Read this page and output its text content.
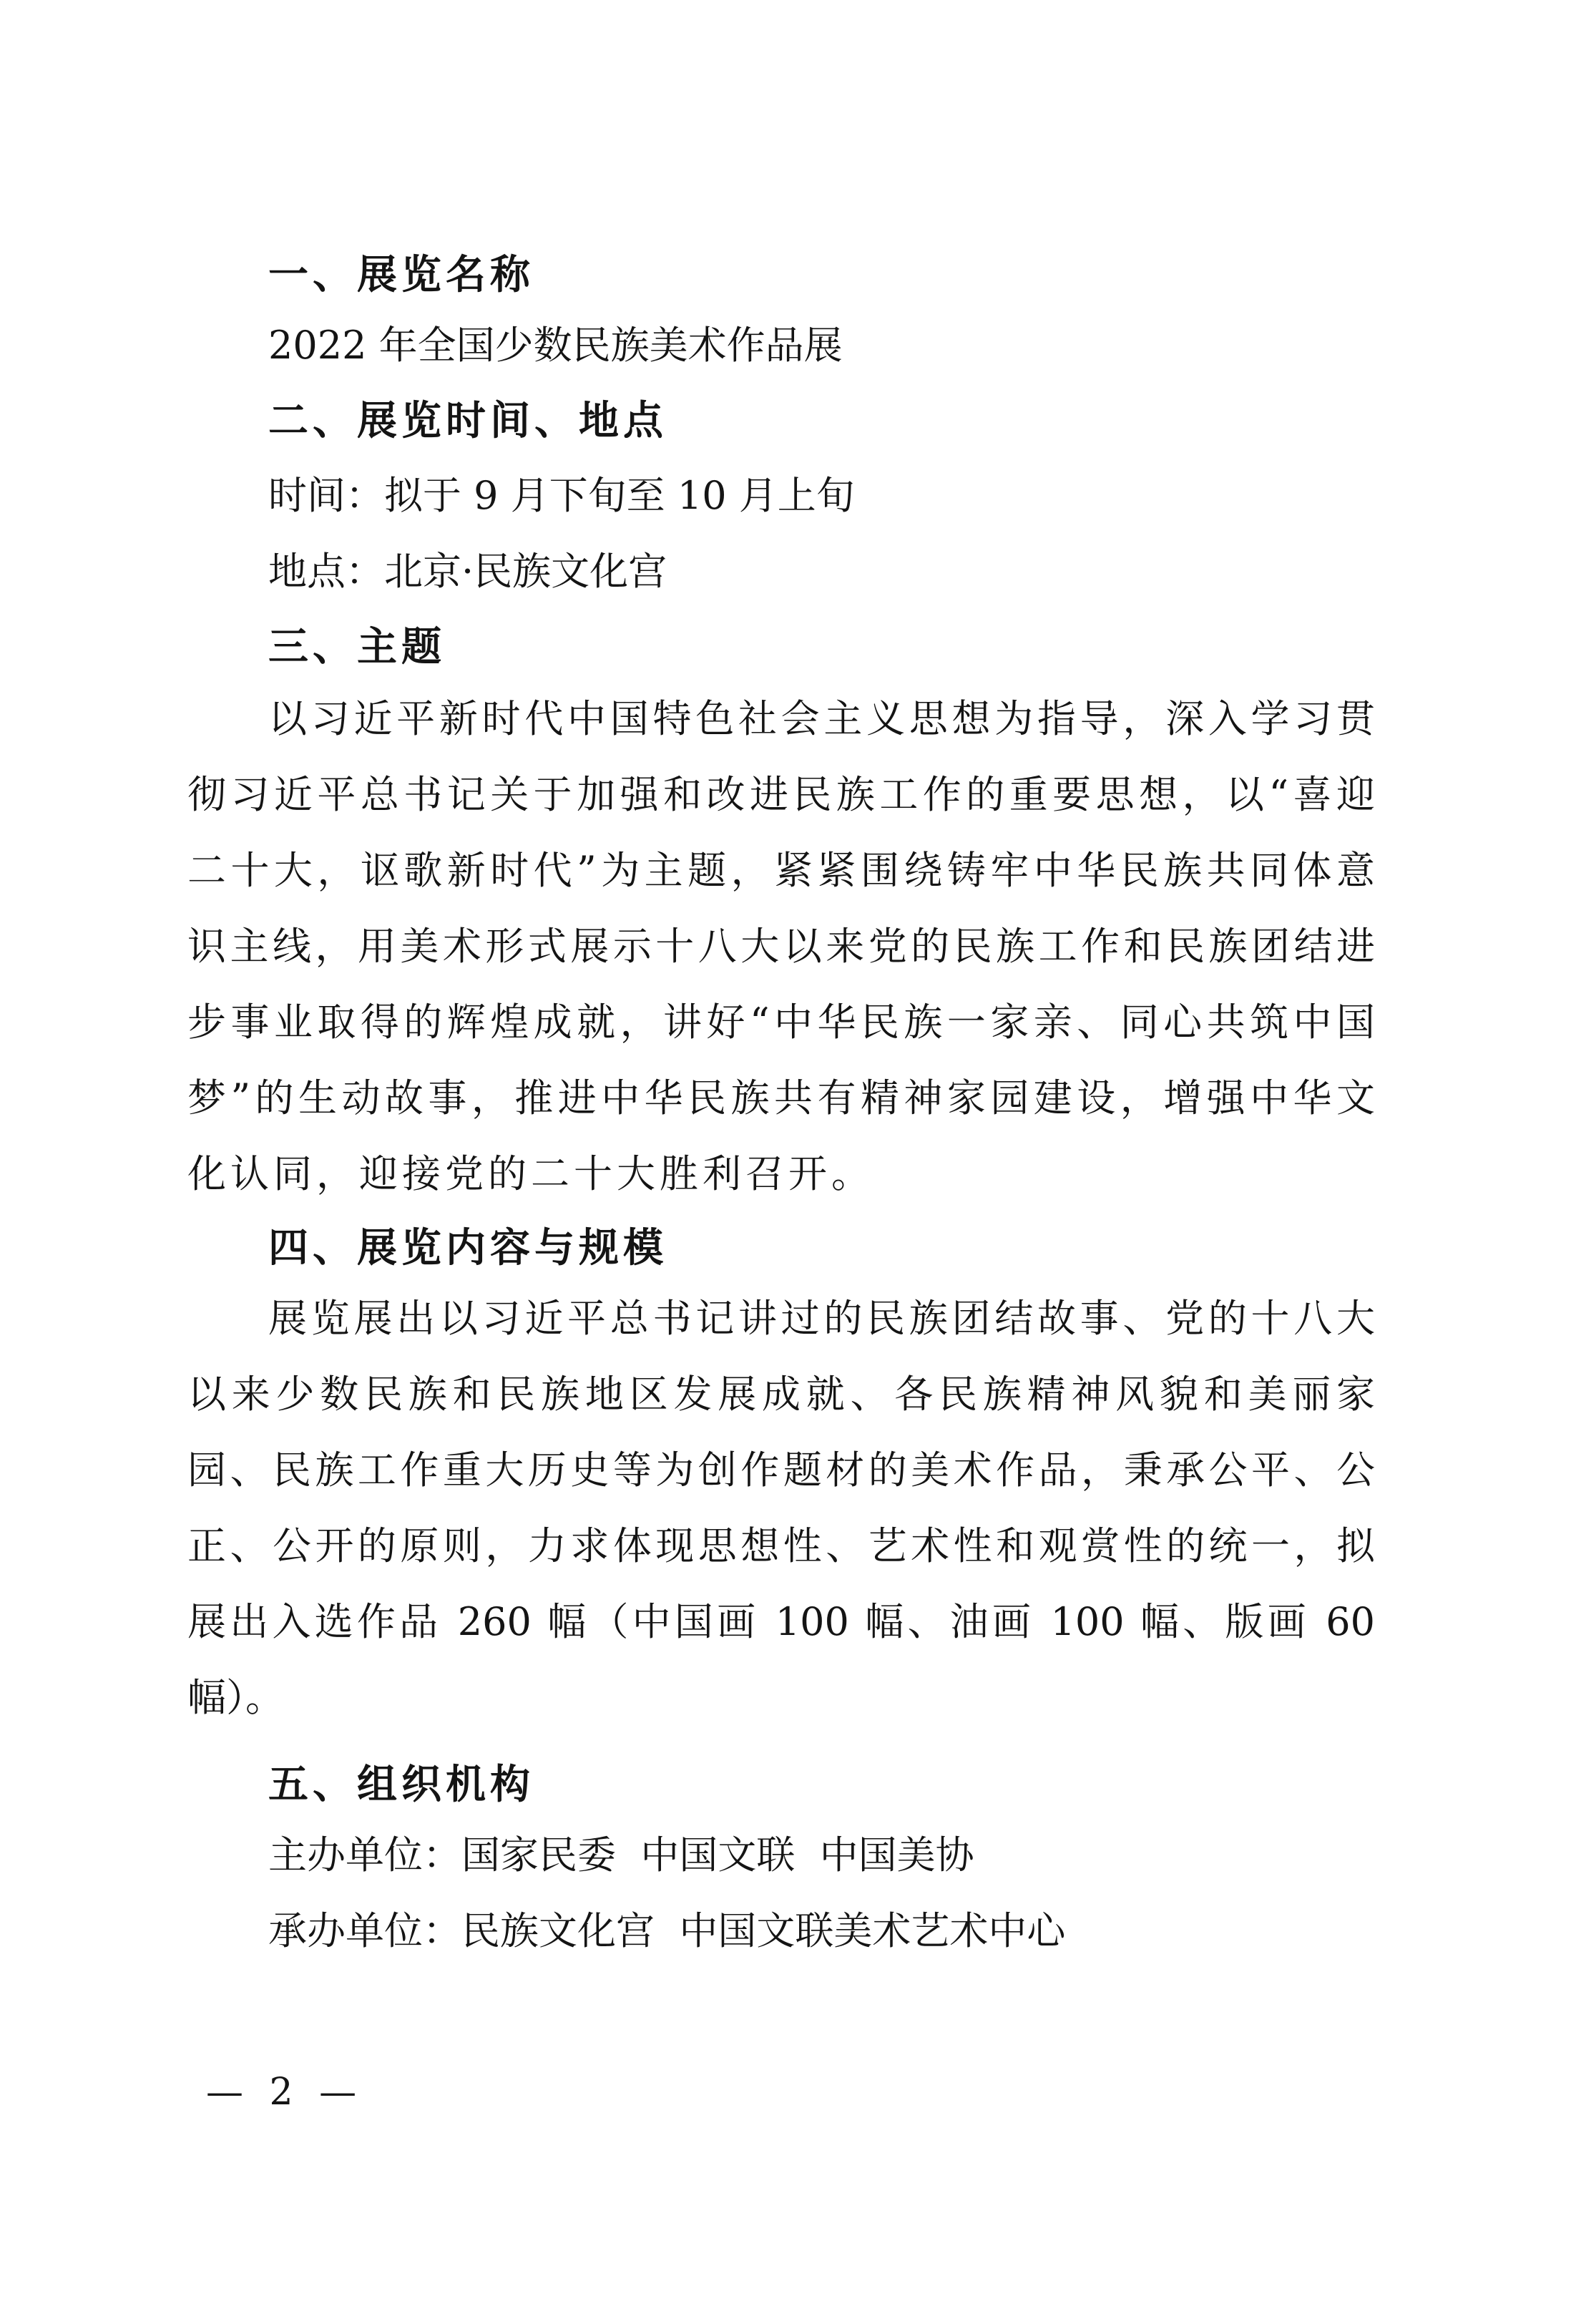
一、展览名称
2022 年全国少数民族美术作品展
二、展览时间、地点
时间：拟于 9 月下旬至 10 月上旬
地点：北京·民族文化宫
三、主题
以习近平新时代中国特色社会主义思想为指导，深入学习贯
彻习近平总书记关于加强和改进民族工作的重要思想，以“喜迎
二十大，讴歌新时代”为主题，紧紧围绕铸牢中华民族共同体意
识主线，用美术形式展示十八大以来党的民族工作和民族团结进
步事业取得的辉煌成就，讲好“中华民族一家亲、同心共筑中国
梦”的生动故事，推进中华民族共有精神家园建设，增强中华文
化认同，迎接党的二十大胜利召开。
四、展览内容与规模
展览展出以习近平总书记讲过的民族团结故事、党的十八大
以来少数民族和民族地区发展成就、各民族精神风貌和美丽家
园、民族工作重大历史等为创作题材的美术作品，秉承公平、公
正、公开的原则，力求体现思想性、艺术性和观赏性的统一，拟
展出入选作品 260 幅（中国画 100 幅、油画 100 幅、版画 60
幅）。
五、组织机构
主办单位：国家民委  中国文联  中国美协
承办单位：民族文化宫  中国文联美术艺术中心
— 2 —
